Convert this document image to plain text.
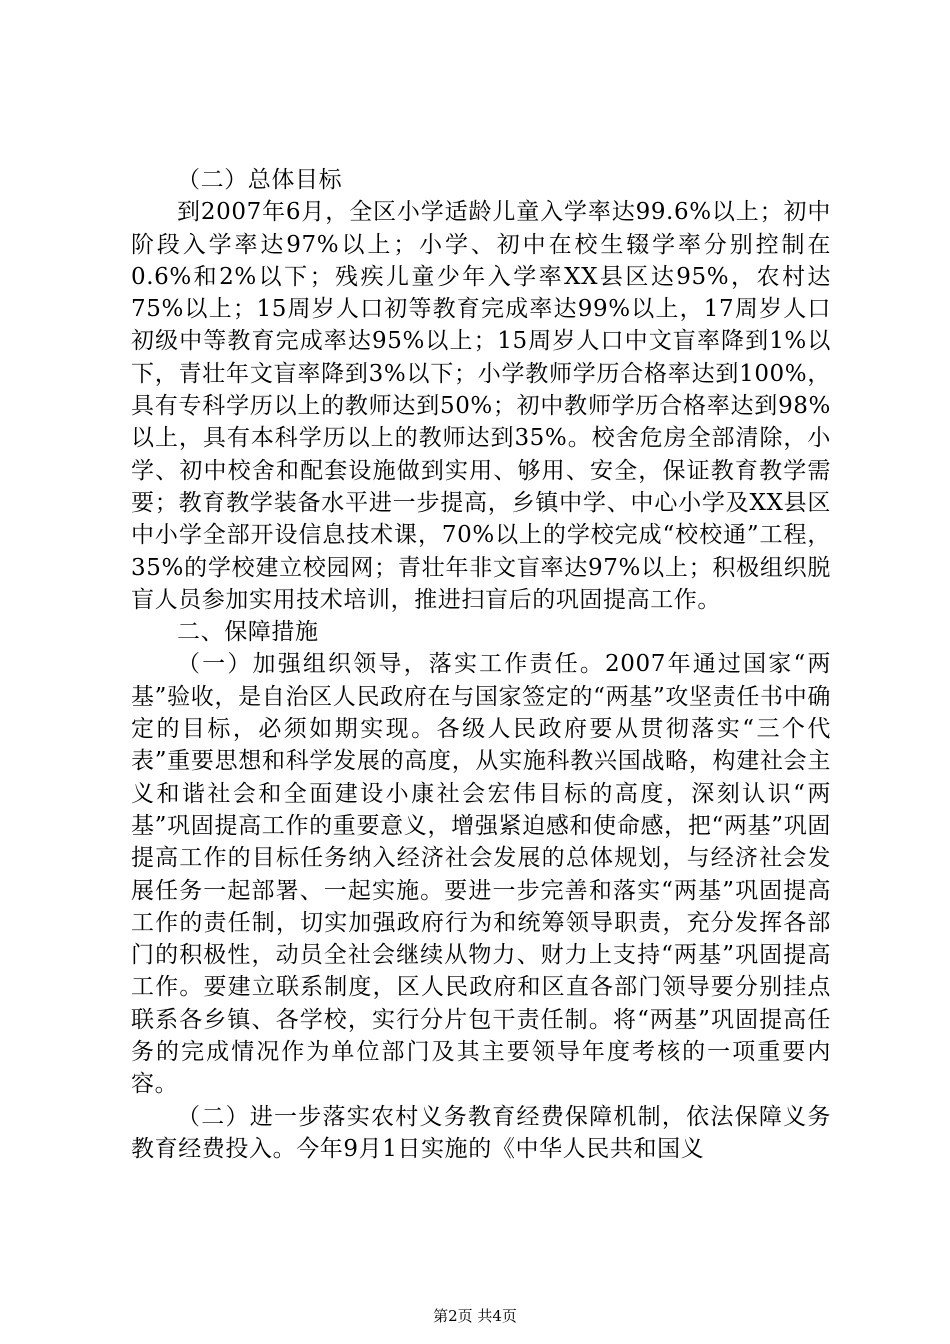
（二）总体目标

到2007年6月，全区小学适龄儿童入学率达99.6%以上；初中阶段入学率达97%以上；小学、初中在校生辍学率分别控制在0.6%和2%以下；残疾儿童少年入学率XX县区达95%，农村达75%以上；15周岁人口初等教育完成率达99%以上，17周岁人口初级中等教育完成率达95%以上；15周岁人口中文盲率降到1%以下，青壮年文盲率降到3%以下；小学教师学历合格率达到100%，具有专科学历以上的教师达到50%；初中教师学历合格率达到98%以上，具有本科学历以上的教师达到35%。校舍危房全部清除，小学、初中校舍和配套设施做到实用、够用、安全，保证教育教学需要；教育教学装备水平进一步提高，乡镇中学、中心小学及XX县区中小学全部开设信息技术课，70%以上的学校完成“校校通”工程，35%的学校建立校园网；青壮年非文盲率达97%以上；积极组织脱盲人员参加实用技术培训，推进扫盲后的巩固提高工作。

二、保障措施

（一）加强组织领导，落实工作责任。2007年通过国家“两基”验收，是自治区人民政府在与国家签定的“两基”攻坚责任书中确定的目标，必须如期实现。各级人民政府要从贯彻落实“三个代表”重要思想和科学发展的高度，从实施科教兴国战略，构建社会主义和谐社会和全面建设小康社会宏伟目标的高度，深刻认识“两基”巩固提高工作的重要意义，增强紧迫感和使命感，把“两基”巩固提高工作的目标任务纳入经济社会发展的总体规划，与经济社会发展任务一起部署、一起实施。要进一步完善和落实“两基”巩固提高工作的责任制，切实加强政府行为和统筹领导职责，充分发挥各部门的积极性，动员全社会继续从物力、财力上支持“两基”巩固提高工作。要建立联系制度，区人民政府和区直各部门领导要分别挂点联系各乡镇、各学校，实行分片包干责任制。将“两基”巩固提高任务的完成情况作为单位部门及其主要领导年度考核的一项重要内容。

（二）进一步落实农村义务教育经费保障机制，依法保障义务教育经费投入。今年9月1日实施的《中华人民共和国义

第2页 共4页
